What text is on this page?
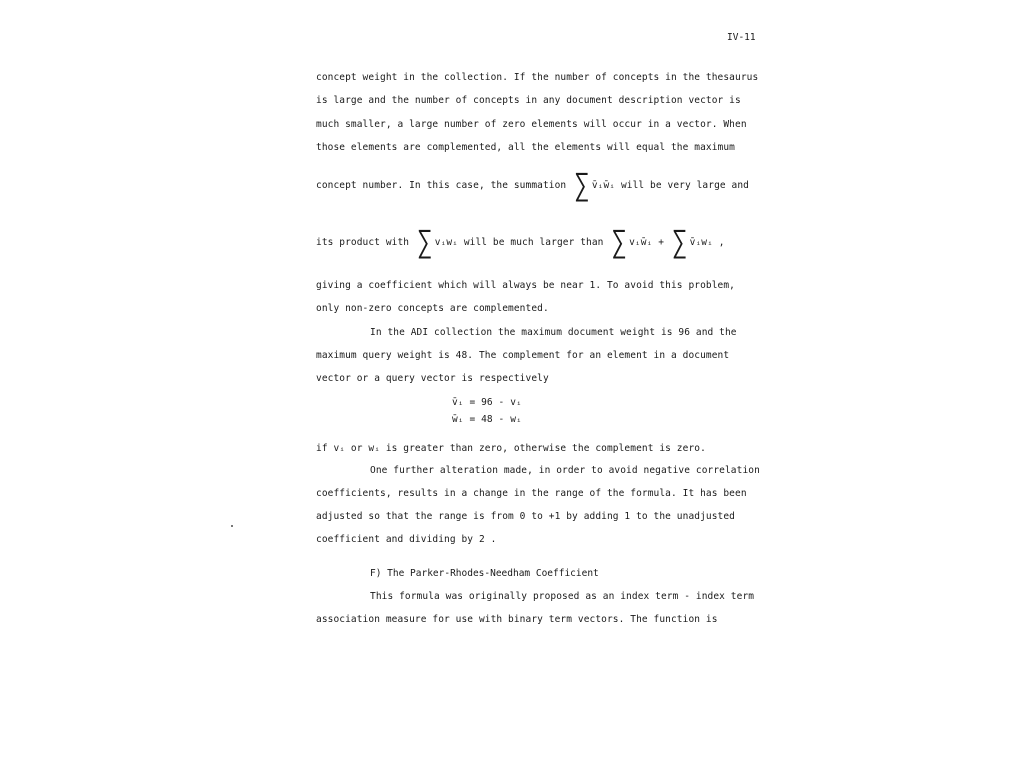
IV-11
concept weight in the collection. If the number of concepts in the thesaurus
is large and the number of concepts in any document description vector is
much smaller, a large number of zero elements will occur in a vector. When
those elements are complemented, all the elements will equal the maximum
concept number. In this case, the summation ∑ v̄ᵢw̄ᵢ will be very large and
its product with ∑ vᵢwᵢ will be much larger than ∑ vᵢw̄ᵢ + ∑ v̄ᵢwᵢ ,
giving a coefficient which will always be near 1. To avoid this problem,
only non-zero concepts are complemented.
In the ADI collection the maximum document weight is 96 and the
maximum query weight is 48. The complement for an element in a document
vector or a query vector is respectively
v̄ᵢ = 96 - vᵢ
w̄ᵢ = 48 - wᵢ
if vᵢ or wᵢ is greater than zero, otherwise the complement is zero.
One further alteration made, in order to avoid negative correlation
coefficients, results in a change in the range of the formula. It has been
adjusted so that the range is from 0 to +1 by adding 1 to the unadjusted
coefficient and dividing by 2 .
F) The Parker-Rhodes-Needham Coefficient
This formula was originally proposed as an index term - index term
association measure for use with binary term vectors. The function is
